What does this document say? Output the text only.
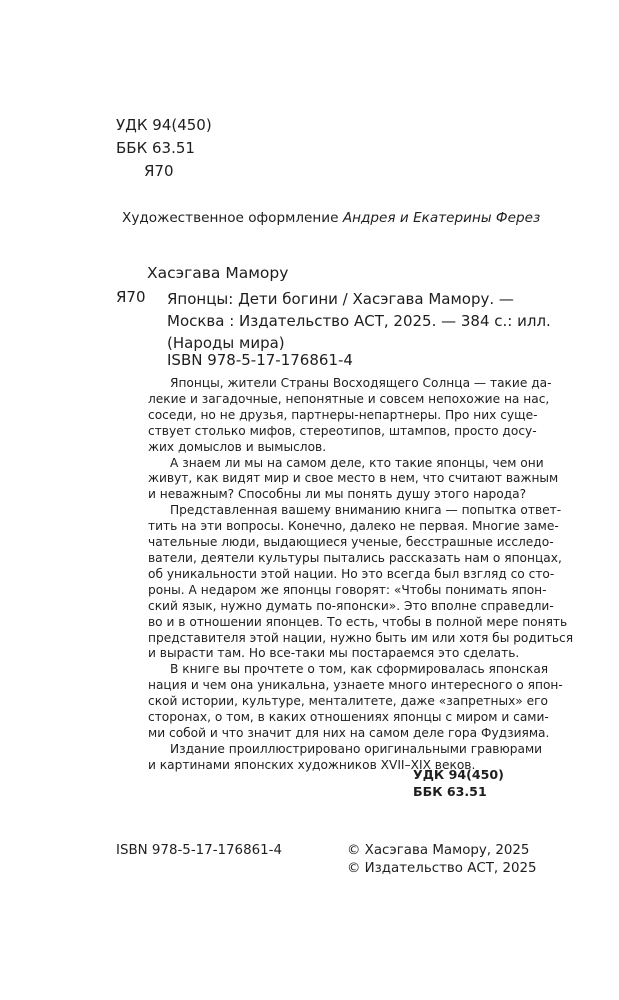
УДК 94(450)
ББК 63.51
Я70
Художественное оформление Андрея и Екатерины Ферез
Хасэгава Мамору
Я70 Японцы: Дети богини / Хасэгава Мамору. —
Москва : Издательство АСТ, 2025. — 384 с.: илл.
(Народы мира)
ISBN 978-5-17-176861-4

Японцы, жители Страны Восходящего Солнца — такие да-

лекие и загадочные, непонятные и совсем непохожие на нас,

соседи, но не друзья, партнеры-непартнеры. Про них суще-

ствует столько мифов, стереотипов, штампов, просто досу-

жих домыслов и вымыслов.

А знаем ли мы на самом деле, кто такие японцы, чем они

живут, как видят мир и свое место в нем, что считают важным

и неважным? Способны ли мы понять душу этого народа?

Представленная вашему вниманию книга — попытка ответ-

тить на эти вопросы. Конечно, далеко не первая. Многие заме-

чательные люди, выдающиеся ученые, бесстрашные исследо-

ватели, деятели культуры пытались рассказать нам о японцах,

об уникальности этой нации. Но это всегда был взгляд со сто-

роны. А недаром же японцы говорят: «Чтобы понимать япон-

ский язык, нужно думать по-японски». Это вполне справедли-

во и в отношении японцев. То есть, чтобы в полной мере понять

представителя этой нации, нужно быть им или хотя бы родиться

и вырасти там. Но все-таки мы постараемся это сделать.

В книге вы прочтете о том, как сформировалась японская

нация и чем она уникальна, узнаете много интересного о япон-

ской истории, культуре, менталитете, даже «запретных» его

сторонах, о том, в каких отношениях японцы с миром и сами-

ми собой и что значит для них на самом деле гора Фудзияма.

Издание проиллюстрировано оригинальными гравюрами

и картинами японских художников XVII–XIX веков.

УДК 94(450)
ББК 63.51
ISBN 978-5-17-176861-4	© Хасэгава Мамору, 2025
© Издательство АСТ, 2025
